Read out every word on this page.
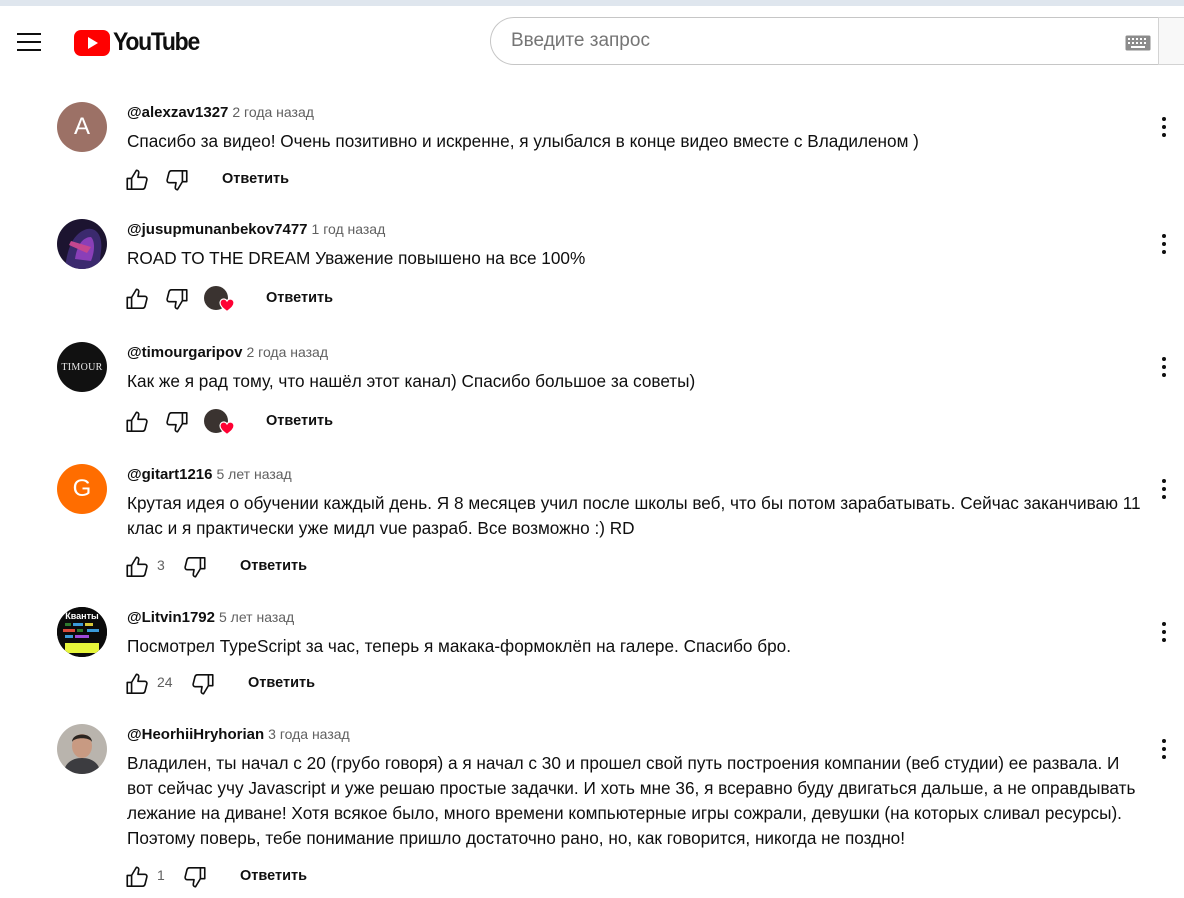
YouTube
Введите запрос
A
@alexzav1327 2 года назад
Спасибо за видео! Очень позитивно и искренне, я улыбался в конце видео вместе с Владиленом )
Ответить
@jusupmunanbekov7477 1 год назад
ROAD TO THE DREAM Уважение повышено на все 100%
Ответить
TIMOUR
@timourgaripov 2 года назад
Как же я рад тому, что нашёл этот канал) Спасибо большое за советы)
Ответить
G
@gitart1216 5 лет назад
Крутая идея о обучении каждый день. Я 8 месяцев учил после школы веб, что бы потом зарабатывать. Сейчас заканчиваю 11 клас и я практически уже мидл vue разраб. Все возможно :) RD
3	Ответить
Кванты @Litvin1792 5 лет назад
Посмотрел TypeScript за час, теперь я макака-формоклёп на галере. Спасибо бро.
24	Ответить
@HeorhiiHryhorian 3 года назад
Владилен, ты начал с 20 (грубо говоря) а я начал с 30 и прошел свой путь построения компании (веб студии) ее развала. И вот сейчас учу Javascript и уже решаю простые задачки. И хоть мне 36, я всеравно буду двигаться дальше, а не оправдывать лежание на диване! Хотя всякое было, много времени компьютерные игры сожрали, девушки (на которых сливал ресурсы). Поэтому поверь, тебе понимание пришло достаточно рано, но, как говорится, никогда не поздно!
1	Ответить
